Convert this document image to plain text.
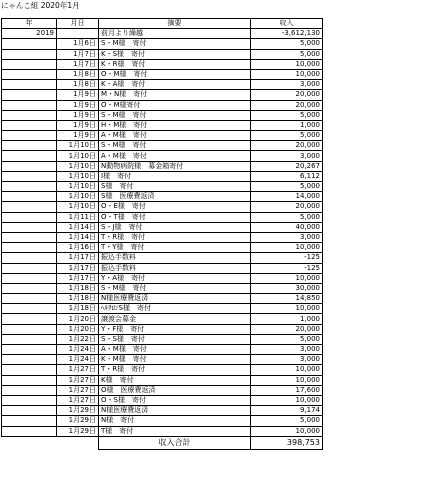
にゃんこ組 2020年1月
年	月日	摘要	収入
2019		前月より繰越	-3,612,130
	1月6日	S・M様　寄付	5,000
	1月7日	K・S様　寄付	5,000
	1月7日	K・R様　寄付	10,000
	1月8日	O・M様　寄付	10,000
	1月8日	K・A様　寄付	3,000
	1月9日	M・N様　寄付	20,000
	1月9日	O・M様寄付	20,000
	1月9日	S・M様　寄付	5,000
	1月9日	H・M様　寄付	1,000
	1月9日	A・M様　寄付	5,000
	1月10日	S・M様　寄付	20,000
	1月10日	A・M様　寄付	3,000
	1月10日	N動物病院様　募金箱寄付	20,267
	1月10日	I様　寄付	6,112
	1月10日	S様　寄付	5,000
	1月10日	S様　医療費返済	14,000
	1月10日	O・E様　寄付	20,000
	1月11日	O・T様　寄付	5,000
	1月14日	S・J様　寄付	40,000
	1月14日	T・R様　寄付	3,000
	1月16日	T・Y様　寄付	10,000
	1月17日	振込手数料	-125
	1月17日	振込手数料	-125
	1月17日	Y・A様　寄付	10,000
	1月18日	S・M様　寄付	30,000
	1月18日	N様医療費返済	14,850
	1月18日	ﾍﾙｻﾛﾝS様　寄付	10,000
	1月20日	譲渡会募金	1,000
	1月20日	Y・F様　寄付	20,000
	1月22日	S・S様　寄付	5,000
	1月24日	A・M様　寄付	3,000
	1月24日	K・M様　寄付	3,000
	1月27日	T・R様　寄付	10,000
	1月27日	K様　寄付	10,000
	1月27日	O様　医療費返済	17,600
	1月27日	O・S様　寄付	10,000
	1月29日	N様医療費返済	9,174
	1月29日	N様　寄付	5,000
	1月29日	T様　寄付	10,000
		収入合計	398,753
